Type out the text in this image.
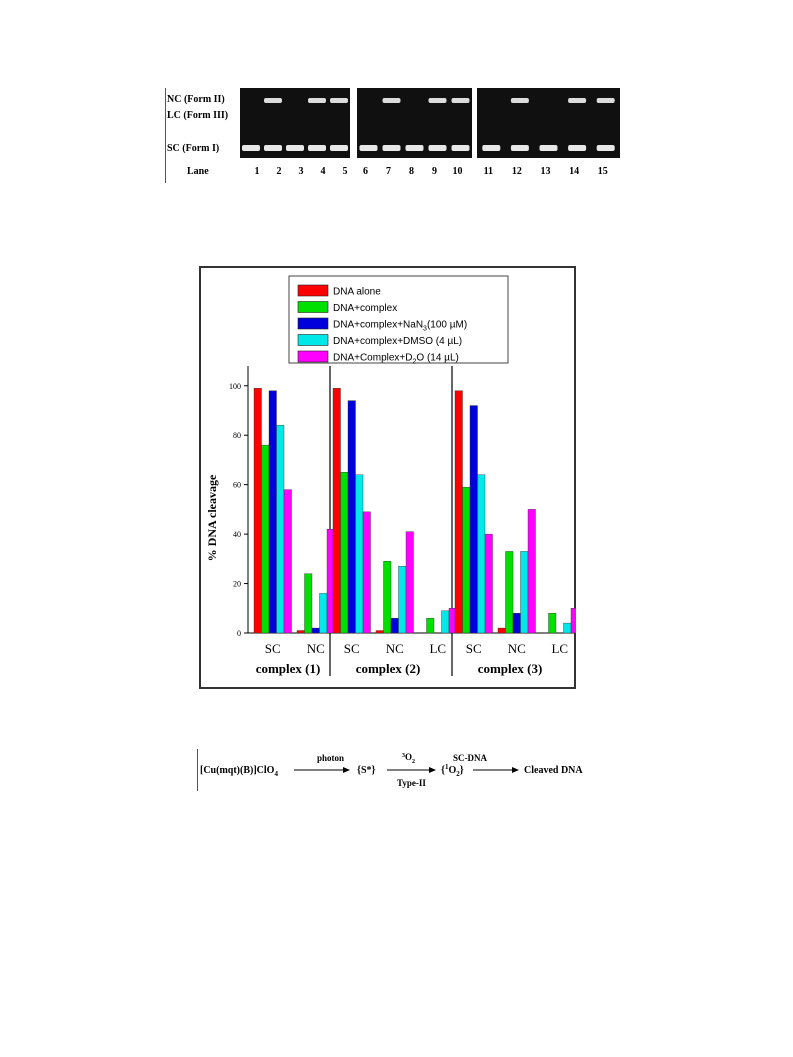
NC (Form II)
LC (Form III)
SC (Form I)
Lane	1 2 3 4 5 6 7 8 9 10 11 12 13 14 15
DNA alone
DNA+complex
DNA+complex+NaN$_3$(100 µM)
DNA+complex+DMSO (4 µL)
$DNA+Complex+D_2O$ (14 µL)
0
20
40
60
80
100
SC NC
complex (1)
SC NC LC
complex (2)
SC NC LC
complex (3)
% DNA cleavage
[Cu(mqt)(B)]ClO$_4$
photon
{S*}
$^3O_2$
Type-II
$\{^1O_2\}$
SC-DNA
Cleaved DNA
